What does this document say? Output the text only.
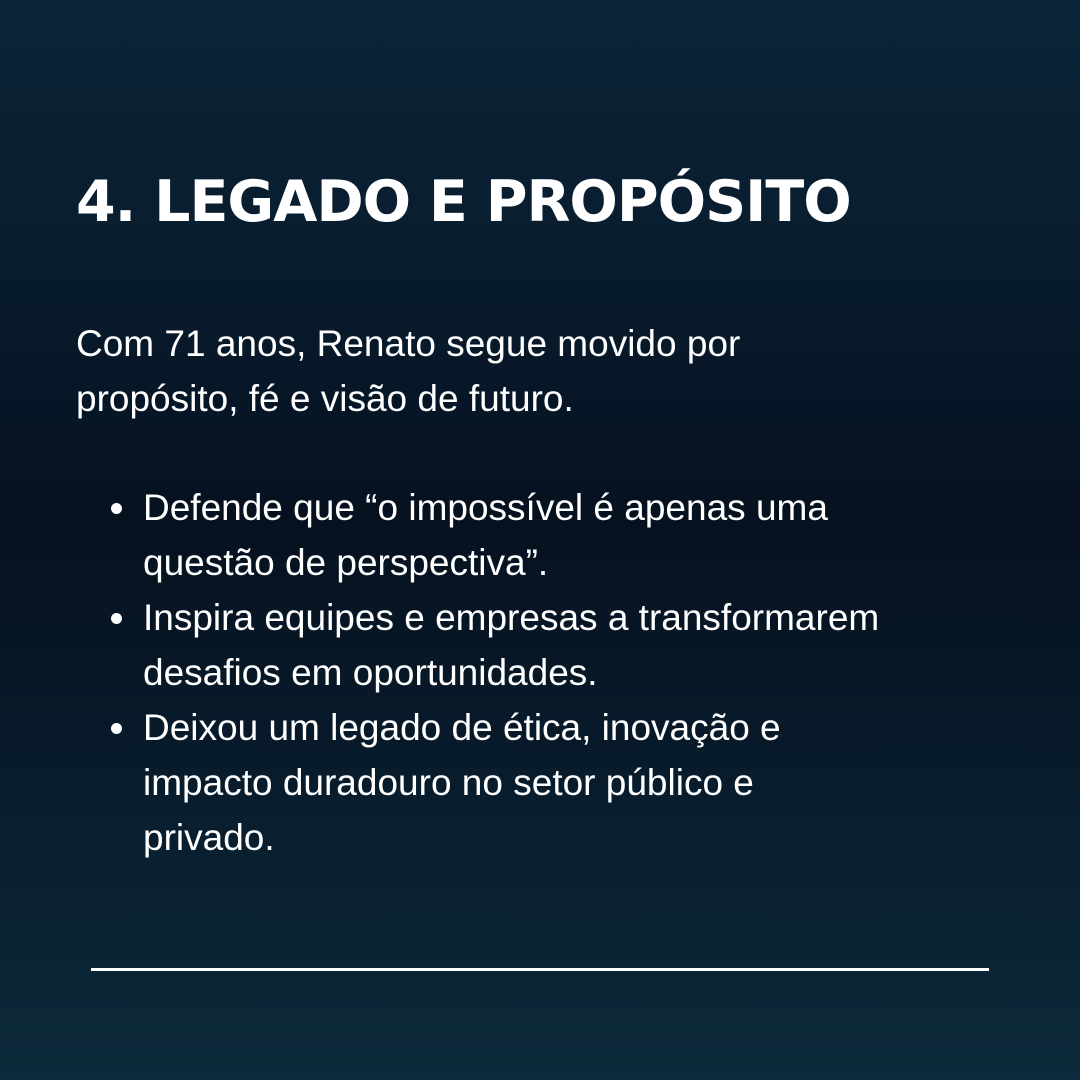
4. LEGADO E PROPÓSITO

Com 71 anos, Renato segue movido por
propósito, fé e visão de futuro.

Defende que “o impossível é apenas uma
questão de perspectiva”.
Inspira equipes e empresas a transformarem
desafios em oportunidades.
Deixou um legado de ética, inovação e
impacto duradouro no setor público e
privado.
